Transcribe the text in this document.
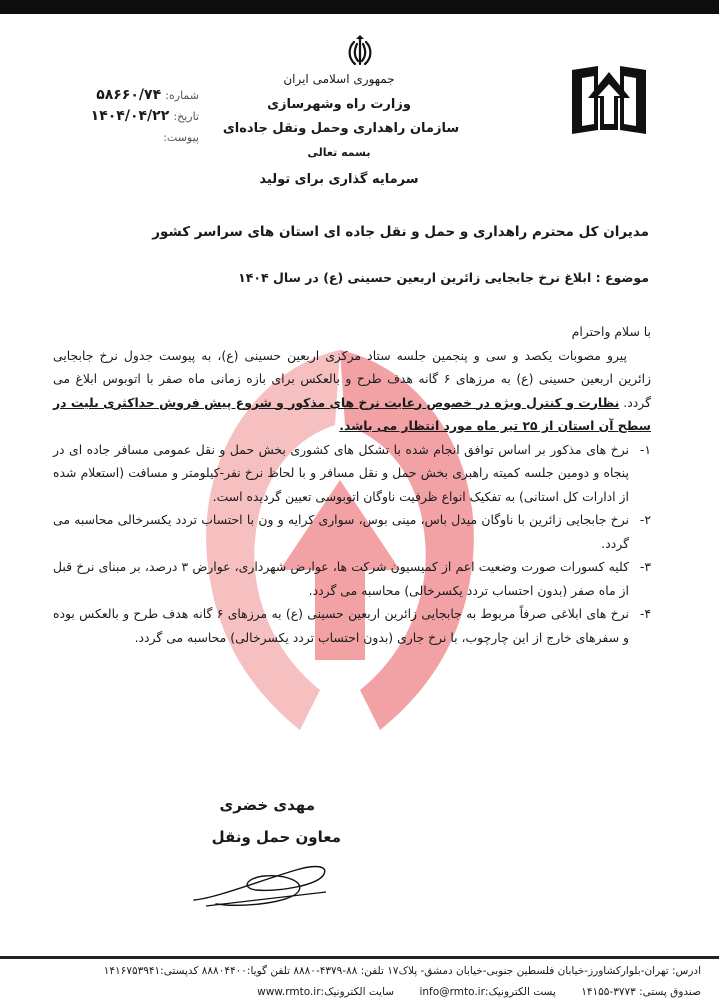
جمهوری اسلامی ایران
وزارت راه وشهرسازی
سازمان راهداری وحمل ونقل جاده‌ای
بسمه تعالی
سرمایه گذاری برای تولید
شماره: ۵۸۶۶۰/۷۴
تاریخ: ۱۴۰۴/۰۴/۲۲
پیوست:
مدیران کل محترم راهداری و حمل و نقل جاده ای استان های سراسر کشور
موضوع : ابلاغ نرخ جابجایی زائرین اربعین حسینی (ع) در سال ۱۴۰۴

با سلام واحترام

پیرو مصوبات یکصد و سی و پنجمین جلسه ستاد مرکزی اربعین حسینی (ع)، به پیوست جدول نرخ جابجایی زائرین اربعین حسینی (ع) به مرزهای ۶ گانه هدف طرح و بالعکس برای بازه زمانی ماه صفر با اتوبوس ابلاغ می گردد. نظارت و کنترل ویژه در خصوص رعایت نرخ های مذکور و شروع پیش فروش حداکثری بلیت در سطح آن استان از ۲۵ تیر ماه مورد انتظار می باشد.

۱-
نرخ های مذکور بر اساس توافق انجام شده با تشکل های کشوری بخش حمل و نقل عمومی مسافر جاده ای در پنجاه و دومین جلسه کمیته راهبری بخش حمل و نقل مسافر و با لحاظ نرخ نفر-کیلومتر و مسافت (استعلام شده از ادارات کل استانی) به تفکیک انواع ظرفیت ناوگان اتوبوسی تعیین گردیده است.
۲-
نرخ جابجایی زائرین با ناوگان میدل باس، مینی بوس، سواری کرایه و ون با احتساب تردد یکسرخالی محاسبه می گردد.
۳-
کلیه کسورات صورت وضعیت اعم از کمیسیون شرکت ها، عوارض شهرداری، عوارض ۳ درصد، بر مبنای نرخ قبل از ماه صفر (بدون احتساب تردد یکسرخالی) محاسبه می گردد.
۴-
نرخ های ابلاغی صرفاً مربوط به جابجایی زائرین اربعین حسینی (ع) به مرزهای ۶ گانه هدف طرح و بالعکس بوده و سفرهای خارج از این چارچوب، با نرخ جاری (بدون احتساب تردد یکسرخالی) محاسبه می گردد.
مهدی خضری
معاون حمل ونقل
ادرس: تهران-بلوارکشاورز-خیابان فلسطین جنوبی-خیابان دمشق- پلاک۱۷ تلفن: ۸۸-۴۳۷۹-۸۸۸۰ تلفن گویا:۸۸۸۰۴۴۰۰ کدپستی:۱۴۱۶۷۵۳۹۴۱
صندوق پستی: ۳۷۷۳-۱۴۱۵۵ پست الکترونیک:info@rmto.ir سایت الکترونیک:www.rmto.ir
